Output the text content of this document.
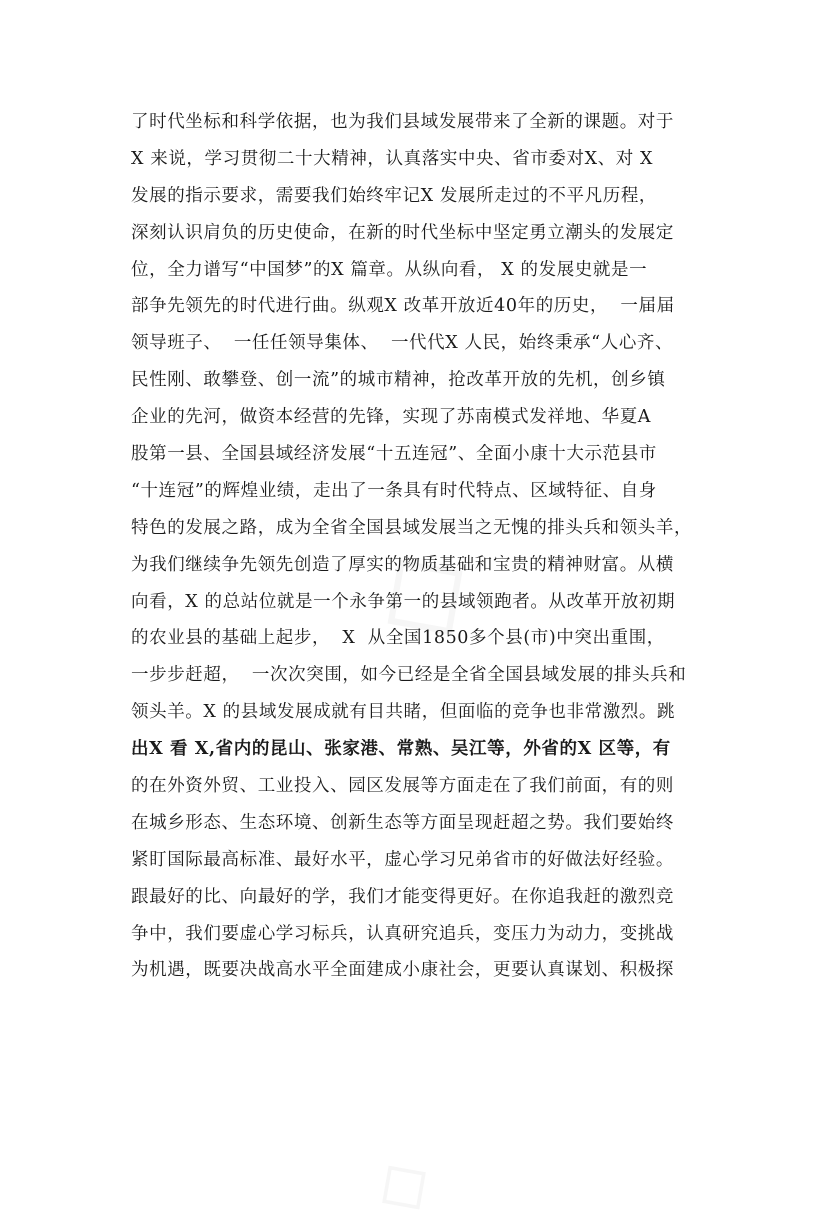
了时代坐标和科学依据，也为我们县域发展带来了全新的课题。对于
X 来说，学习贯彻二十大精神，认真落实中央、省市委对X、对 X
发展的指示要求，需要我们始终牢记X 发展所走过的不平凡历程，
深刻认识肩负的历史使命，在新的时代坐标中坚定勇立潮头的发展定
位，全力谱写“中国梦”的X 篇章。从纵向看， X 的发展史就是一
部争先领先的时代进行曲。纵观X 改革开放近40年的历史，  一届届
领导班子、  一任任领导集体、  一代代X 人民，始终秉承“人心齐、
民性刚、敢攀登、创一流”的城市精神，抢改革开放的先机，创乡镇
企业的先河，做资本经营的先锋，实现了苏南模式发祥地、华夏A
股第一县、全国县域经济发展“十五连冠”、全面小康十大示范县市
“十连冠”的辉煌业绩，走出了一条具有时代特点、区域特征、自身
特色的发展之路，成为全省全国县域发展当之无愧的排头兵和领头羊，
为我们继续争先领先创造了厚实的物质基础和宝贵的精神财富。从横
向看，X 的总站位就是一个永争第一的县域领跑者。从改革开放初期
的农业县的基础上起步，  X  从全国1850多个县(市)中突出重围，
一步步赶超，  一次次突围，如今已经是全省全国县域发展的排头兵和
领头羊。X 的县域发展成就有目共睹，但面临的竞争也非常激烈。跳
出X 看 X,省内的昆山、张家港、常熟、吴江等，外省的X 区等，有
的在外资外贸、工业投入、园区发展等方面走在了我们前面，有的则
在城乡形态、生态环境、创新生态等方面呈现赶超之势。我们要始终
紧盯国际最高标准、最好水平，虚心学习兄弟省市的好做法好经验。
跟最好的比、向最好的学，我们才能变得更好。在你追我赶的激烈竞
争中，我们要虚心学习标兵，认真研究追兵，变压力为动力，变挑战
为机遇，既要决战高水平全面建成小康社会，更要认真谋划、积极探
